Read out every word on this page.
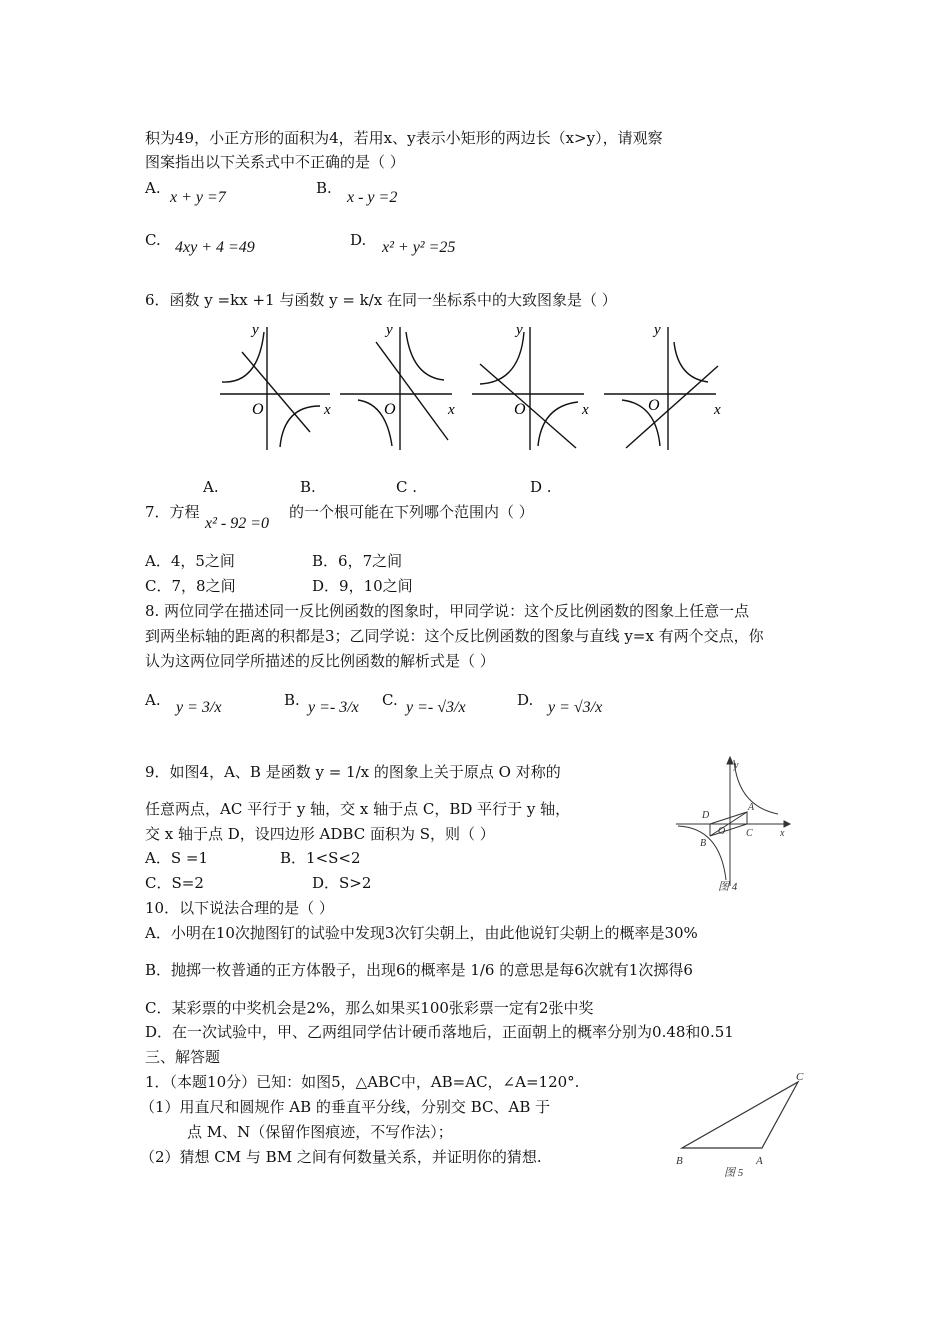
积为49，小正方形的面积为4，若用x、y表示小矩形的两边长（x>y），请观察
图案指出以下关系式中不正确的是（ ）
A.
x + y =7
B.
x - y =2
C. 4xy + 4 =49	D. x² + y² =25
6．函数 y =kx +1 与函数 y = k/x 在同一坐标系中的大致图象是（ ）
y
x
O
y
x
O
y
x
O
y
x
O
A.	B.	C .	D .
7．方程
x² - 92 =0
的一个根可能在下列哪个范围内（ ）
A．4，5之间	B．6，7之间
C．7，8之间	D．9，10之间
8. 两位同学在描述同一反比例函数的图象时，甲同学说：这个反比例函数的图象上任意一点
到两坐标轴的距离的积都是3；乙同学说：这个反比例函数的图象与直线 y=x 有两个交点，你
认为这两位同学所描述的反比例函数的解析式是（ ）
A. y = 3/x	B. y =- 3/x C. y =- √3/x	D. y = √3/x
9．如图4，A、B 是函数 y = 1/x 的图象上关于原点 O 对称的
任意两点，AC 平行于 y 轴，交 x 轴于点 C，BD 平行于 y 轴，
交 x 轴于点 D，设四边形 ADBC 面积为 S，则（ ）
A．S =1	B．1<S<2
C．S=2	D．S>2
y
x
A
B
C
D
O
图 4
10．以下说法合理的是（ ）
A．小明在10次抛图钉的试验中发现3次钉尖朝上，由此他说钉尖朝上的概率是30%
B．抛掷一枚普通的正方体骰子，出现6的概率是 1/6 的意思是每6次就有1次掷得6
C．某彩票的中奖机会是2%，那么如果买100张彩票一定有2张中奖
D．在一次试验中，甲、乙两组同学估计硬币落地后，正面朝上的概率分别为0.48和0.51
三、解答题
1．（本题10分）已知：如图5，△ABC中，AB=AC，∠A=120°.
（1）用直尺和圆规作 AB 的垂直平分线，分别交 BC、AB 于
点 M、N（保留作图痕迹，不写作法）；
（2）猜想 CM 与 BM 之间有何数量关系，并证明你的猜想.	B	A
C
图 5
